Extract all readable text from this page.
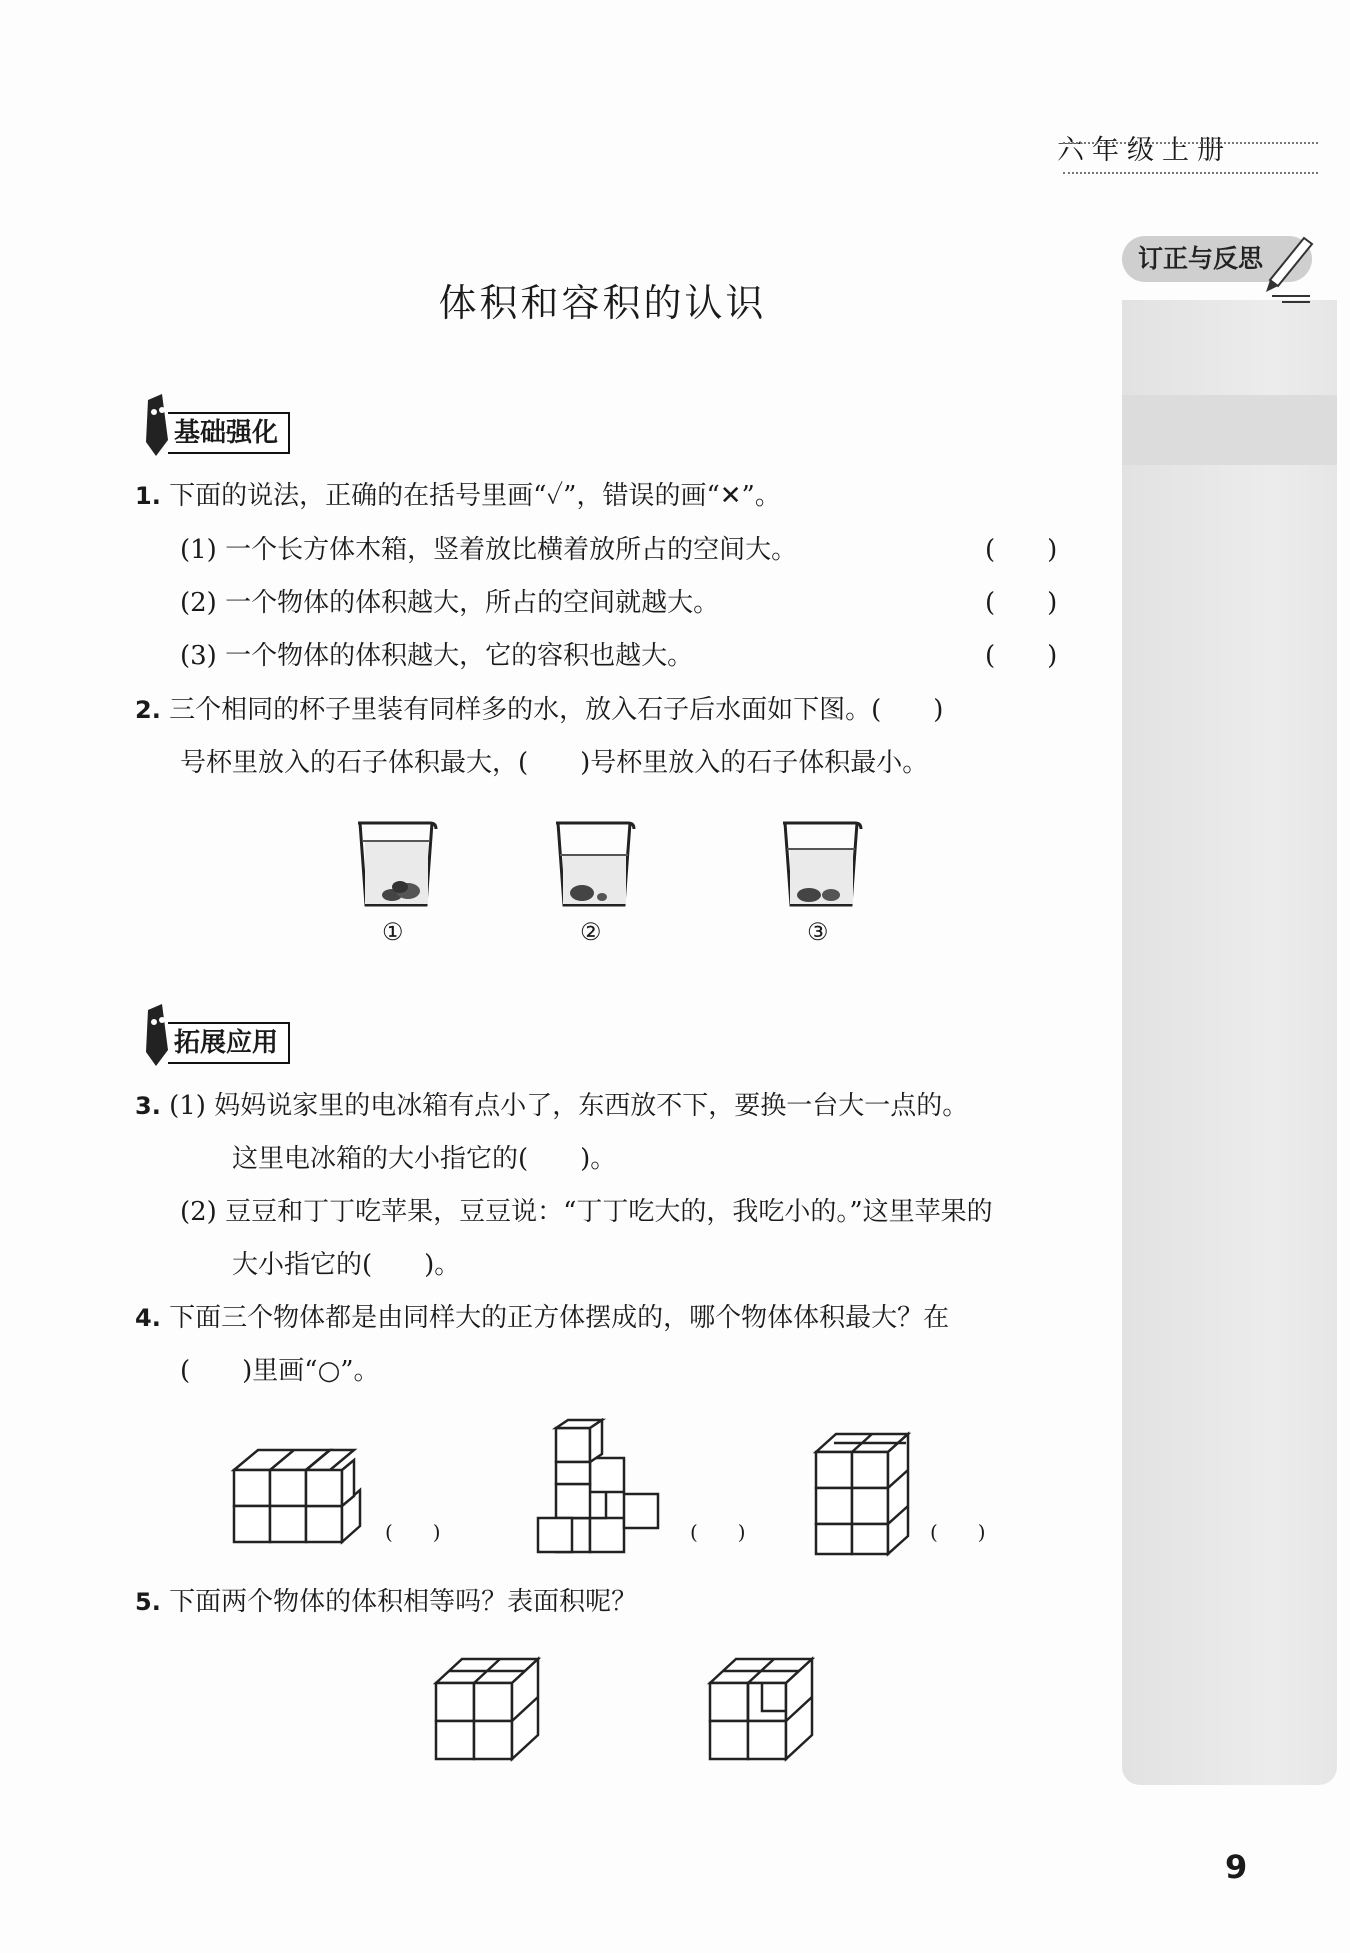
六年级上册
订正与反思
体积和容积的认识
基础强化
1. 下面的说法，正确的在括号里画“✓”，错误的画“✕”。
(1) 一个长方体木箱，竖着放比横着放所占的空间大。	(　　)
(2) 一个物体的体积越大，所占的空间就越大。	(　　)
(3) 一个物体的体积越大，它的容积也越大。	(　　)
2. 三个相同的杯子里装有同样多的水，放入石子后水面如下图。(　　)
号杯里放入的石子体积最大，(　　)号杯里放入的石子体积最小。
①	②	③
拓展应用
3. (1) 妈妈说家里的电冰箱有点小了，东西放不下，要换一台大一点的。
这里电冰箱的大小指它的(　　)。
(2) 豆豆和丁丁吃苹果，豆豆说：“丁丁吃大的，我吃小的。”这里苹果的
大小指它的(　　)。
4. 下面三个物体都是由同样大的正方体摆成的，哪个物体体积最大？在
(　　)里画“○”。
(　　)	(　　)	(　　)
5. 下面两个物体的体积相等吗？表面积呢？
9
